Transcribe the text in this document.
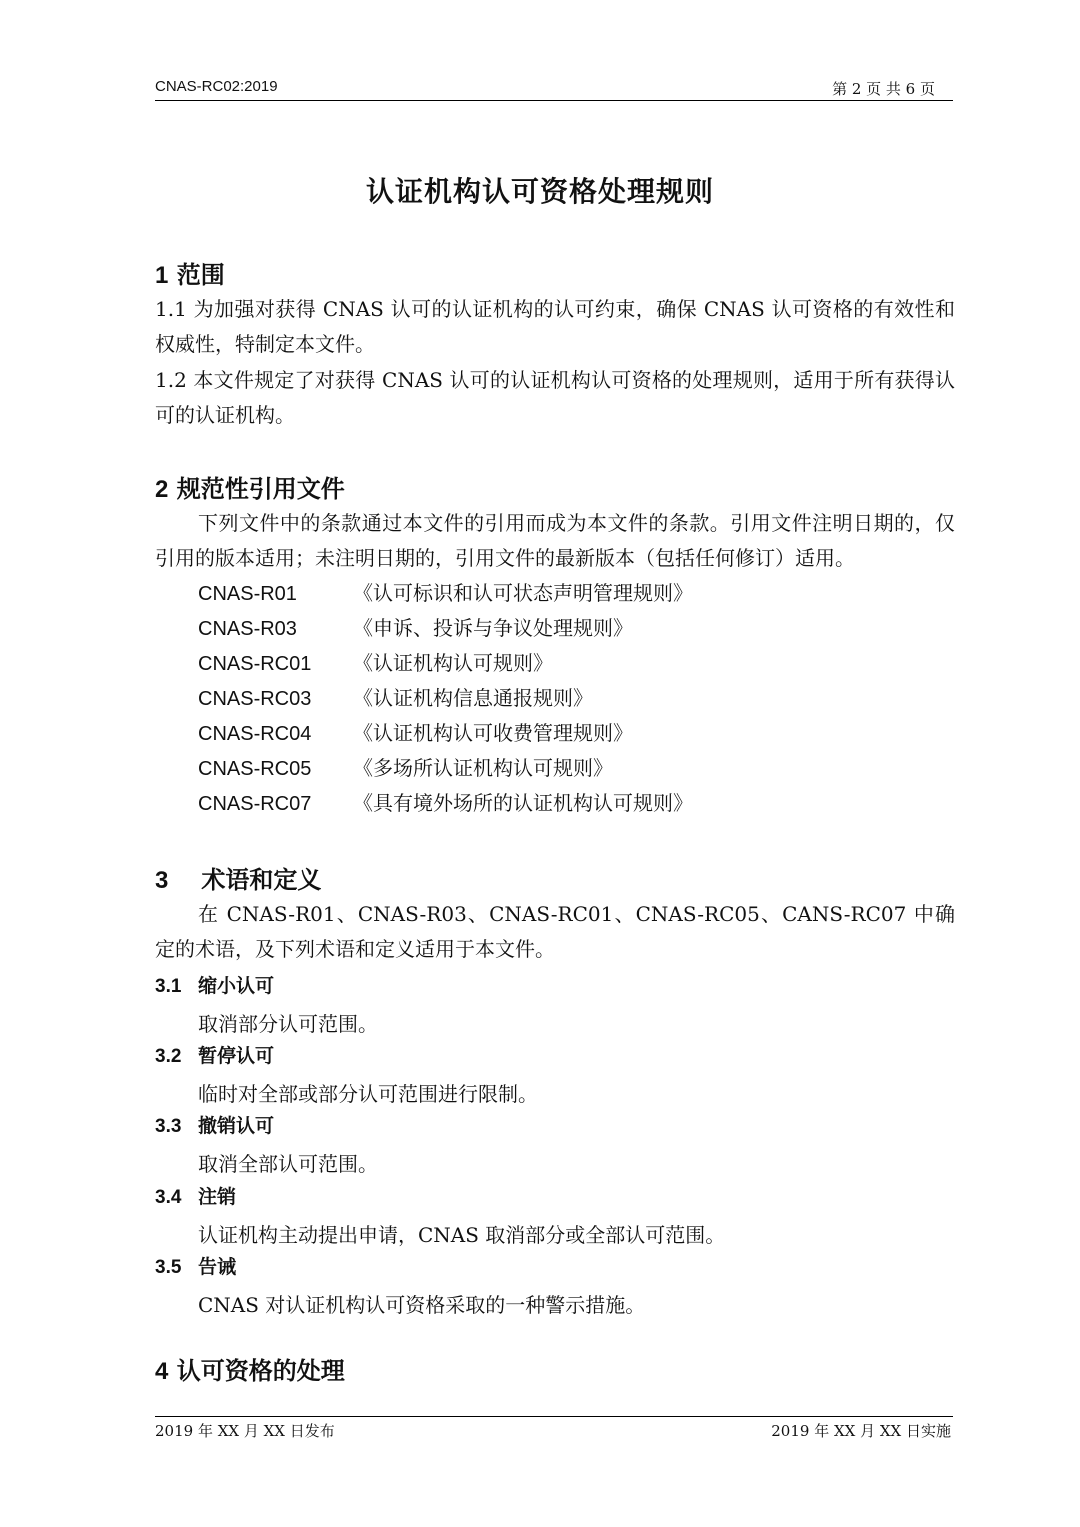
CNAS-RC02:2019	第 2 页 共 6 页
认证机构认可资格处理规则
1 范围
1.1 为加强对获得 CNAS 认可的认证机构的认可约束，确保 CNAS 认可资格的有效性和权威性，特制定本文件。
1.2 本文件规定了对获得 CNAS 认可的认证机构认可资格的处理规则，适用于所有获得认可的认证机构。
2 规范性引用文件
下列文件中的条款通过本文件的引用而成为本文件的条款。引用文件注明日期的，仅引用的版本适用；未注明日期的，引用文件的最新版本（包括任何修订）适用。
CNAS-R01	《认可标识和认可状态声明管理规则》
CNAS-R03	《申诉、投诉与争议处理规则》
CNAS-RC01 《认证机构认可规则》
CNAS-RC03 《认证机构信息通报规则》
CNAS-RC04 《认证机构认可收费管理规则》
CNAS-RC05 《多场所认证机构认可规则》
CNAS-RC07 《具有境外场所的认证机构认可规则》
3 术语和定义
在 CNAS-R01、CNAS-R03、CNAS-RC01、CNAS-RC05、CANS-RC07 中确定的术语，及下列术语和定义适用于本文件。
3.1 缩小认可
取消部分认可范围。
3.2 暂停认可
临时对全部或部分认可范围进行限制。
3.3 撤销认可
取消全部认可范围。
3.4 注销
认证机构主动提出申请，CNAS 取消部分或全部认可范围。
3.5 告诫
CNAS 对认证机构认可资格采取的一种警示措施。
4 认可资格的处理
2019 年 XX 月 XX 日发布	2019 年 XX 月 XX 日实施
